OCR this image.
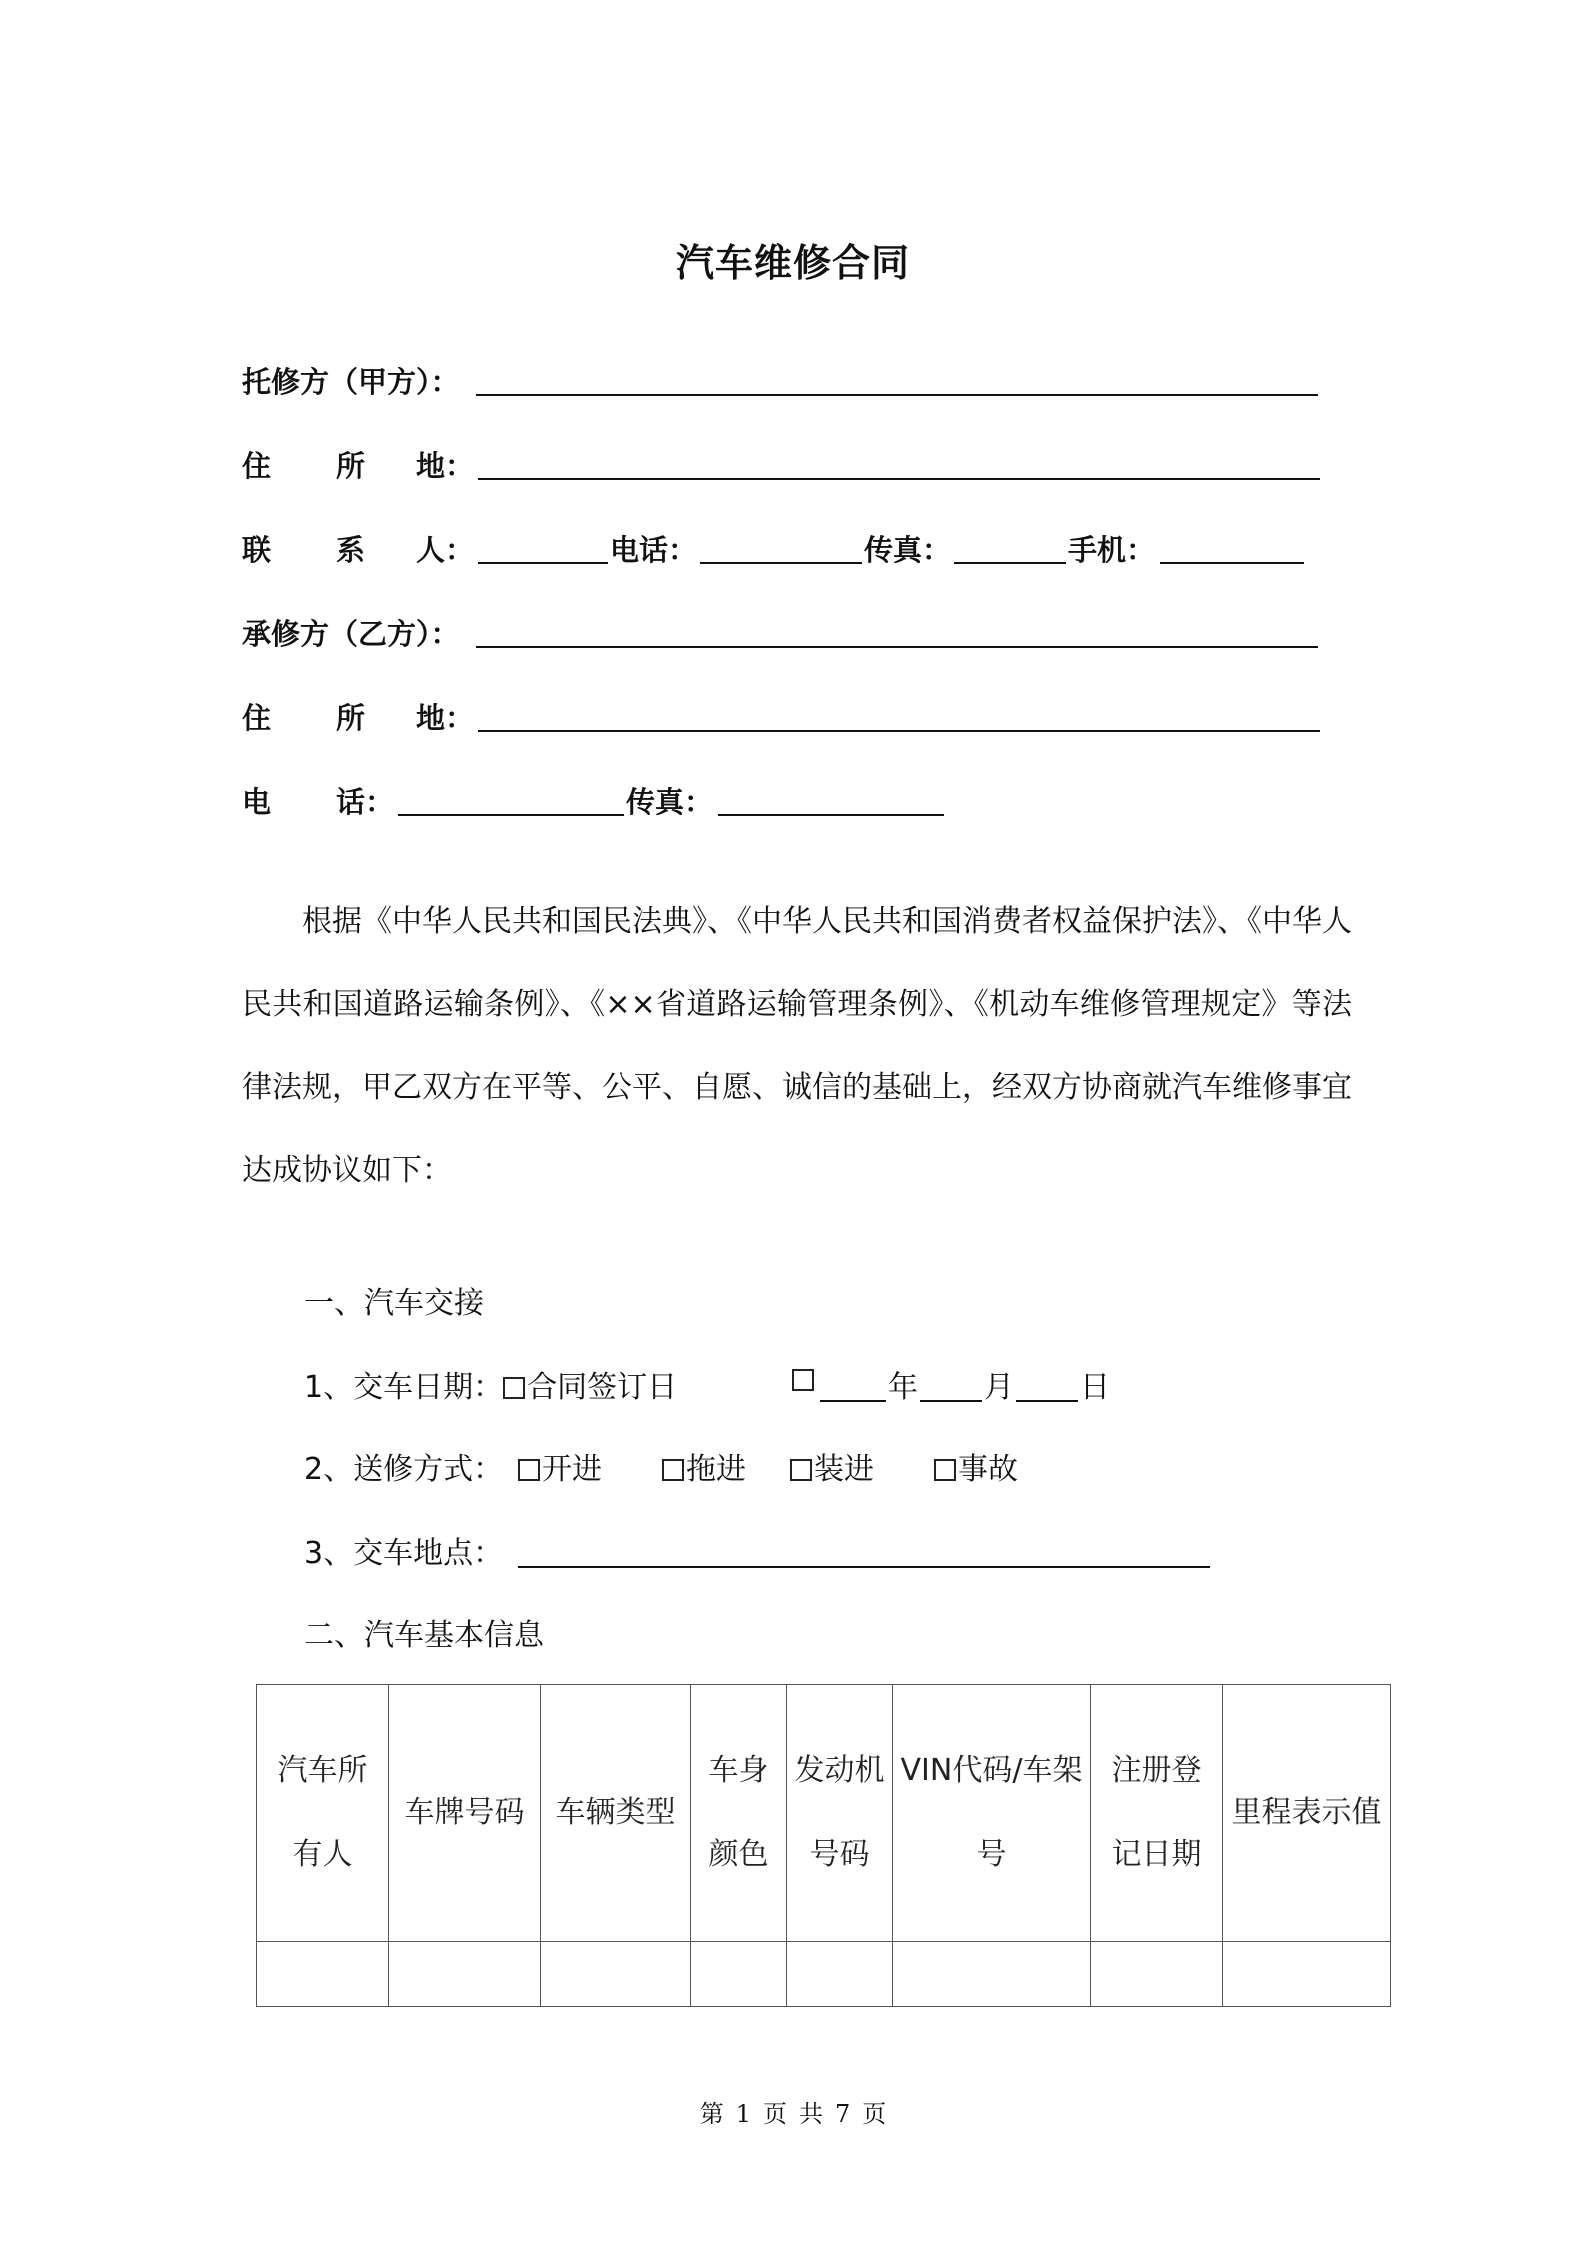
汽车维修合同
托修方（甲方）：
住 所 地：
联 系 人：	电话：	传真：	手机：
承修方（乙方）：
住 所 地：
电 话：	传真：
根据《中华人民共和国民法典》、《中华人民共和国消费者权益保护法》、《中华人民共和国道路运输条例》、《××省道路运输管理条例》、《机动车维修管理规定》等法律法规，甲乙双方在平等、公平、自愿、诚信的基础上，经双方协商就汽车维修事宜达成协议如下：
一、汽车交接
1、交车日期： 合同签订日	年 月 日
2、送修方式：	开进	拖进	装进	事故
3、交车地点：
二、汽车基本信息
汽车所有人	车牌号码	车辆类型	车身颜色	发动机号码	VIN代码/车架号	注册登记日期	里程表示值

第 1 页 共 7 页
